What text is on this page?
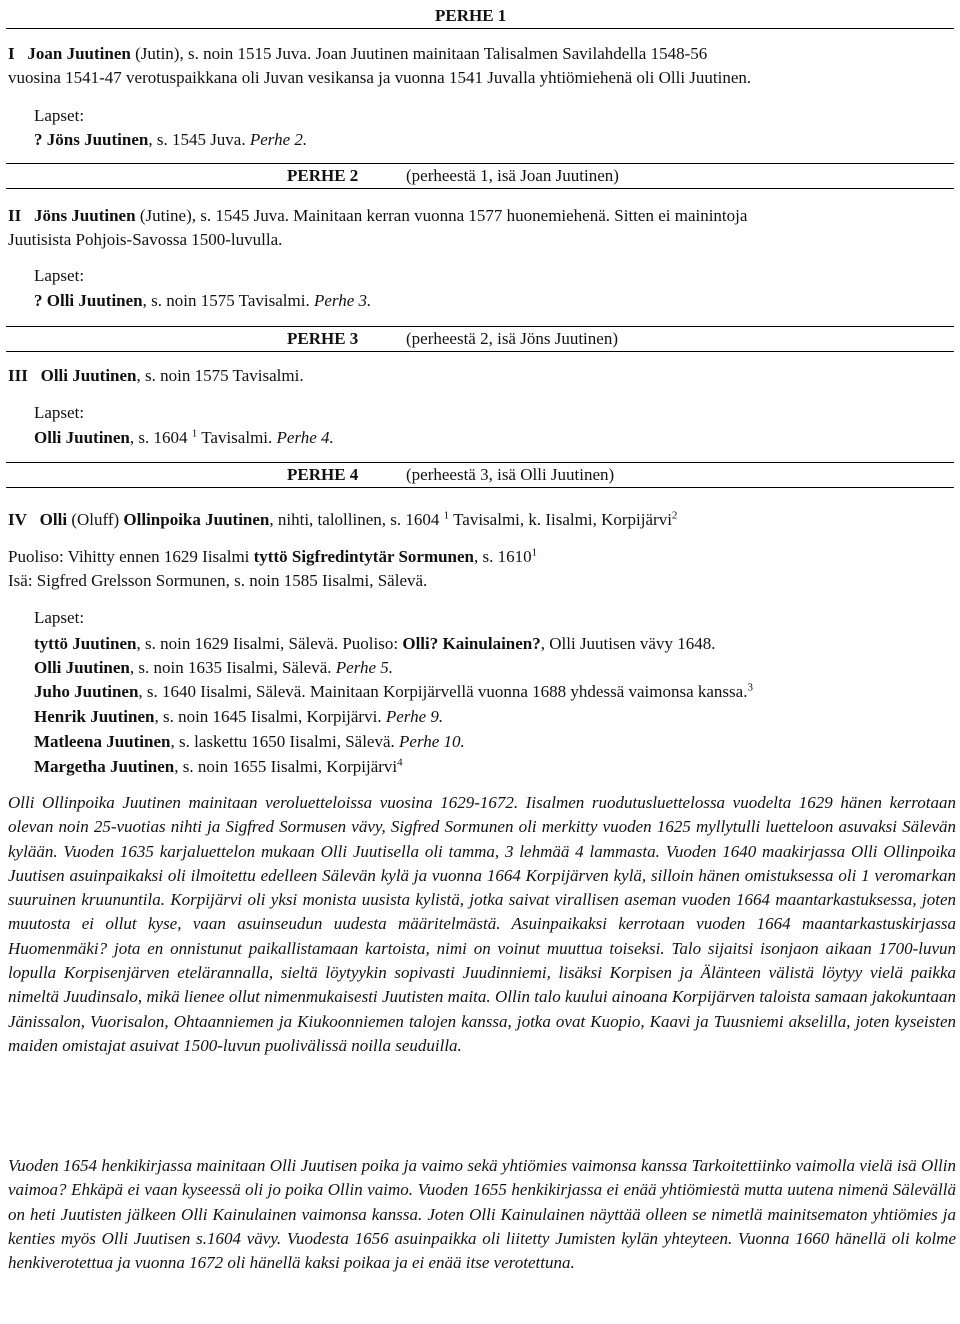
PERHE 1
I Joan Juutinen (Jutin), s. noin 1515 Juva. Joan Juutinen mainitaan Talisalmen Savilahdella 1548-56
vuosina 1541-47 verotuspaikkana oli Juvan vesikansa ja vuonna 1541 Juvalla yhtiömiehenä oli Olli Juutinen.
Lapset:
? Jöns Juutinen, s. 1545 Juva. Perhe 2.
PERHE 2	(perheestä 1, isä Joan Juutinen)
II Jöns Juutinen (Jutine), s. 1545 Juva. Mainitaan kerran vuonna 1577 huonemiehenä. Sitten ei mainintoja
Juutisista Pohjois-Savossa 1500-luvulla.
Lapset:
? Olli Juutinen, s. noin 1575 Tavisalmi. Perhe 3.
PERHE 3	(perheestä 2, isä Jöns Juutinen)
III Olli Juutinen, s. noin 1575 Tavisalmi.
Lapset:
Olli Juutinen, s. 1604 $^1$ Tavisalmi. Perhe 4.
PERHE 4	(perheestä 3, isä Olli Juutinen)
IV Olli (Oluff) Ollinpoika Juutinen, nihti, talollinen, s. 1604 $^1$ Tavisalmi, k. Iisalmi, Korpijärvi$^2$
Puoliso: Vihitty ennen 1629 Iisalmi tyttö Sigfredintytär Sormunen, s. 1610$^1$
Isä: Sigfred Grelsson Sormunen, s. noin 1585 Iisalmi, Sälevä.
Lapset:
tyttö Juutinen, s. noin 1629 Iisalmi, Sälevä. Puoliso: Olli? Kainulainen?, Olli Juutisen vävy 1648.
Olli Juutinen, s. noin 1635 Iisalmi, Sälevä. Perhe 5.
Juho Juutinen, s. 1640 Iisalmi, Sälevä. Mainitaan Korpijärvellä vuonna 1688 yhdessä vaimonsa kanssa.$^3$
Henrik Juutinen, s. noin 1645 Iisalmi, Korpijärvi. Perhe 9.
Matleena Juutinen, s. laskettu 1650 Iisalmi, Sälevä. Perhe 10.
Margetha Juutinen, s. noin 1655 Iisalmi, Korpijärvi$^4$

Olli Ollinpoika Juutinen mainitaan veroluetteloissa vuosina 1629-1672. Iisalmen ruodutusluettelossa vuodelta 1629 hänen kerrotaan olevan noin 25-vuotias nihti ja Sigfred Sormusen vävy, Sigfred Sormunen oli merkitty vuoden 1625 myllytulli luetteloon asuvaksi Sälevän kylään. Vuoden 1635 karjaluettelon mukaan Olli Juutisella oli tamma, 3 lehmää 4 lammasta. Vuoden 1640 maakirjassa Olli Ollinpoika Juutisen asuinpaikaksi oli ilmoitettu edelleen Sälevän kylä ja vuonna 1664 Korpijärven kylä, silloin hänen omistuksessa oli 1 veromarkan suuruinen kruununtila. Korpijärvi oli yksi monista uusista kylistä, jotka saivat virallisen aseman vuoden 1664 maantarkastuksessa, joten muutosta ei ollut kyse, vaan asuinseudun uudesta määritelmästä. Asuinpaikaksi kerrotaan vuoden 1664 maantarkastuskirjassa Huomenmäki? jota en onnistunut paikallistamaan kartoista, nimi on voinut muuttua toiseksi. Talo sijaitsi isonjaon aikaan 1700-luvun lopulla Korpisenjärven etelärannalla, sieltä löytyykin sopivasti Juudinniemi, lisäksi Korpisen ja Älänteen välistä löytyy vielä paikka nimeltä Juudinsalo, mikä lienee ollut nimenmukaisesti Juutisten maita. Ollin talo kuului ainoana Korpijärven taloista samaan jakokuntaan Jänissalon, Vuorisalon, Ohtaanniemen ja Kiukoonniemen talojen kanssa, jotka ovat Kuopio, Kaavi ja Tuusniemi akselilla, joten kyseisten maiden omistajat asuivat 1500-luvun puolivälissä noilla seuduilla.

Vuoden 1654 henkikirjassa mainitaan Olli Juutisen poika ja vaimo sekä yhtiömies vaimonsa kanssa Tarkoitettiinko vaimolla vielä isä Ollin vaimoa? Ehkäpä ei vaan kyseessä oli jo poika Ollin vaimo. Vuoden 1655 henkikirjassa ei enää yhtiömiestä mutta uutena nimenä Sälevällä on heti Juutisten jälkeen Olli Kainulainen vaimonsa kanssa. Joten Olli Kainulainen näyttää olleen se nimetlä mainitsematon yhtiömies ja kenties myös Olli Juutisen s.1604 vävy. Vuodesta 1656 asuinpaikka oli liitetty Jumisten kylän yhteyteen. Vuonna 1660 hänellä oli kolme henkiverotettua ja vuonna 1672 oli hänellä kaksi poikaa ja ei enää itse verotettuna.
